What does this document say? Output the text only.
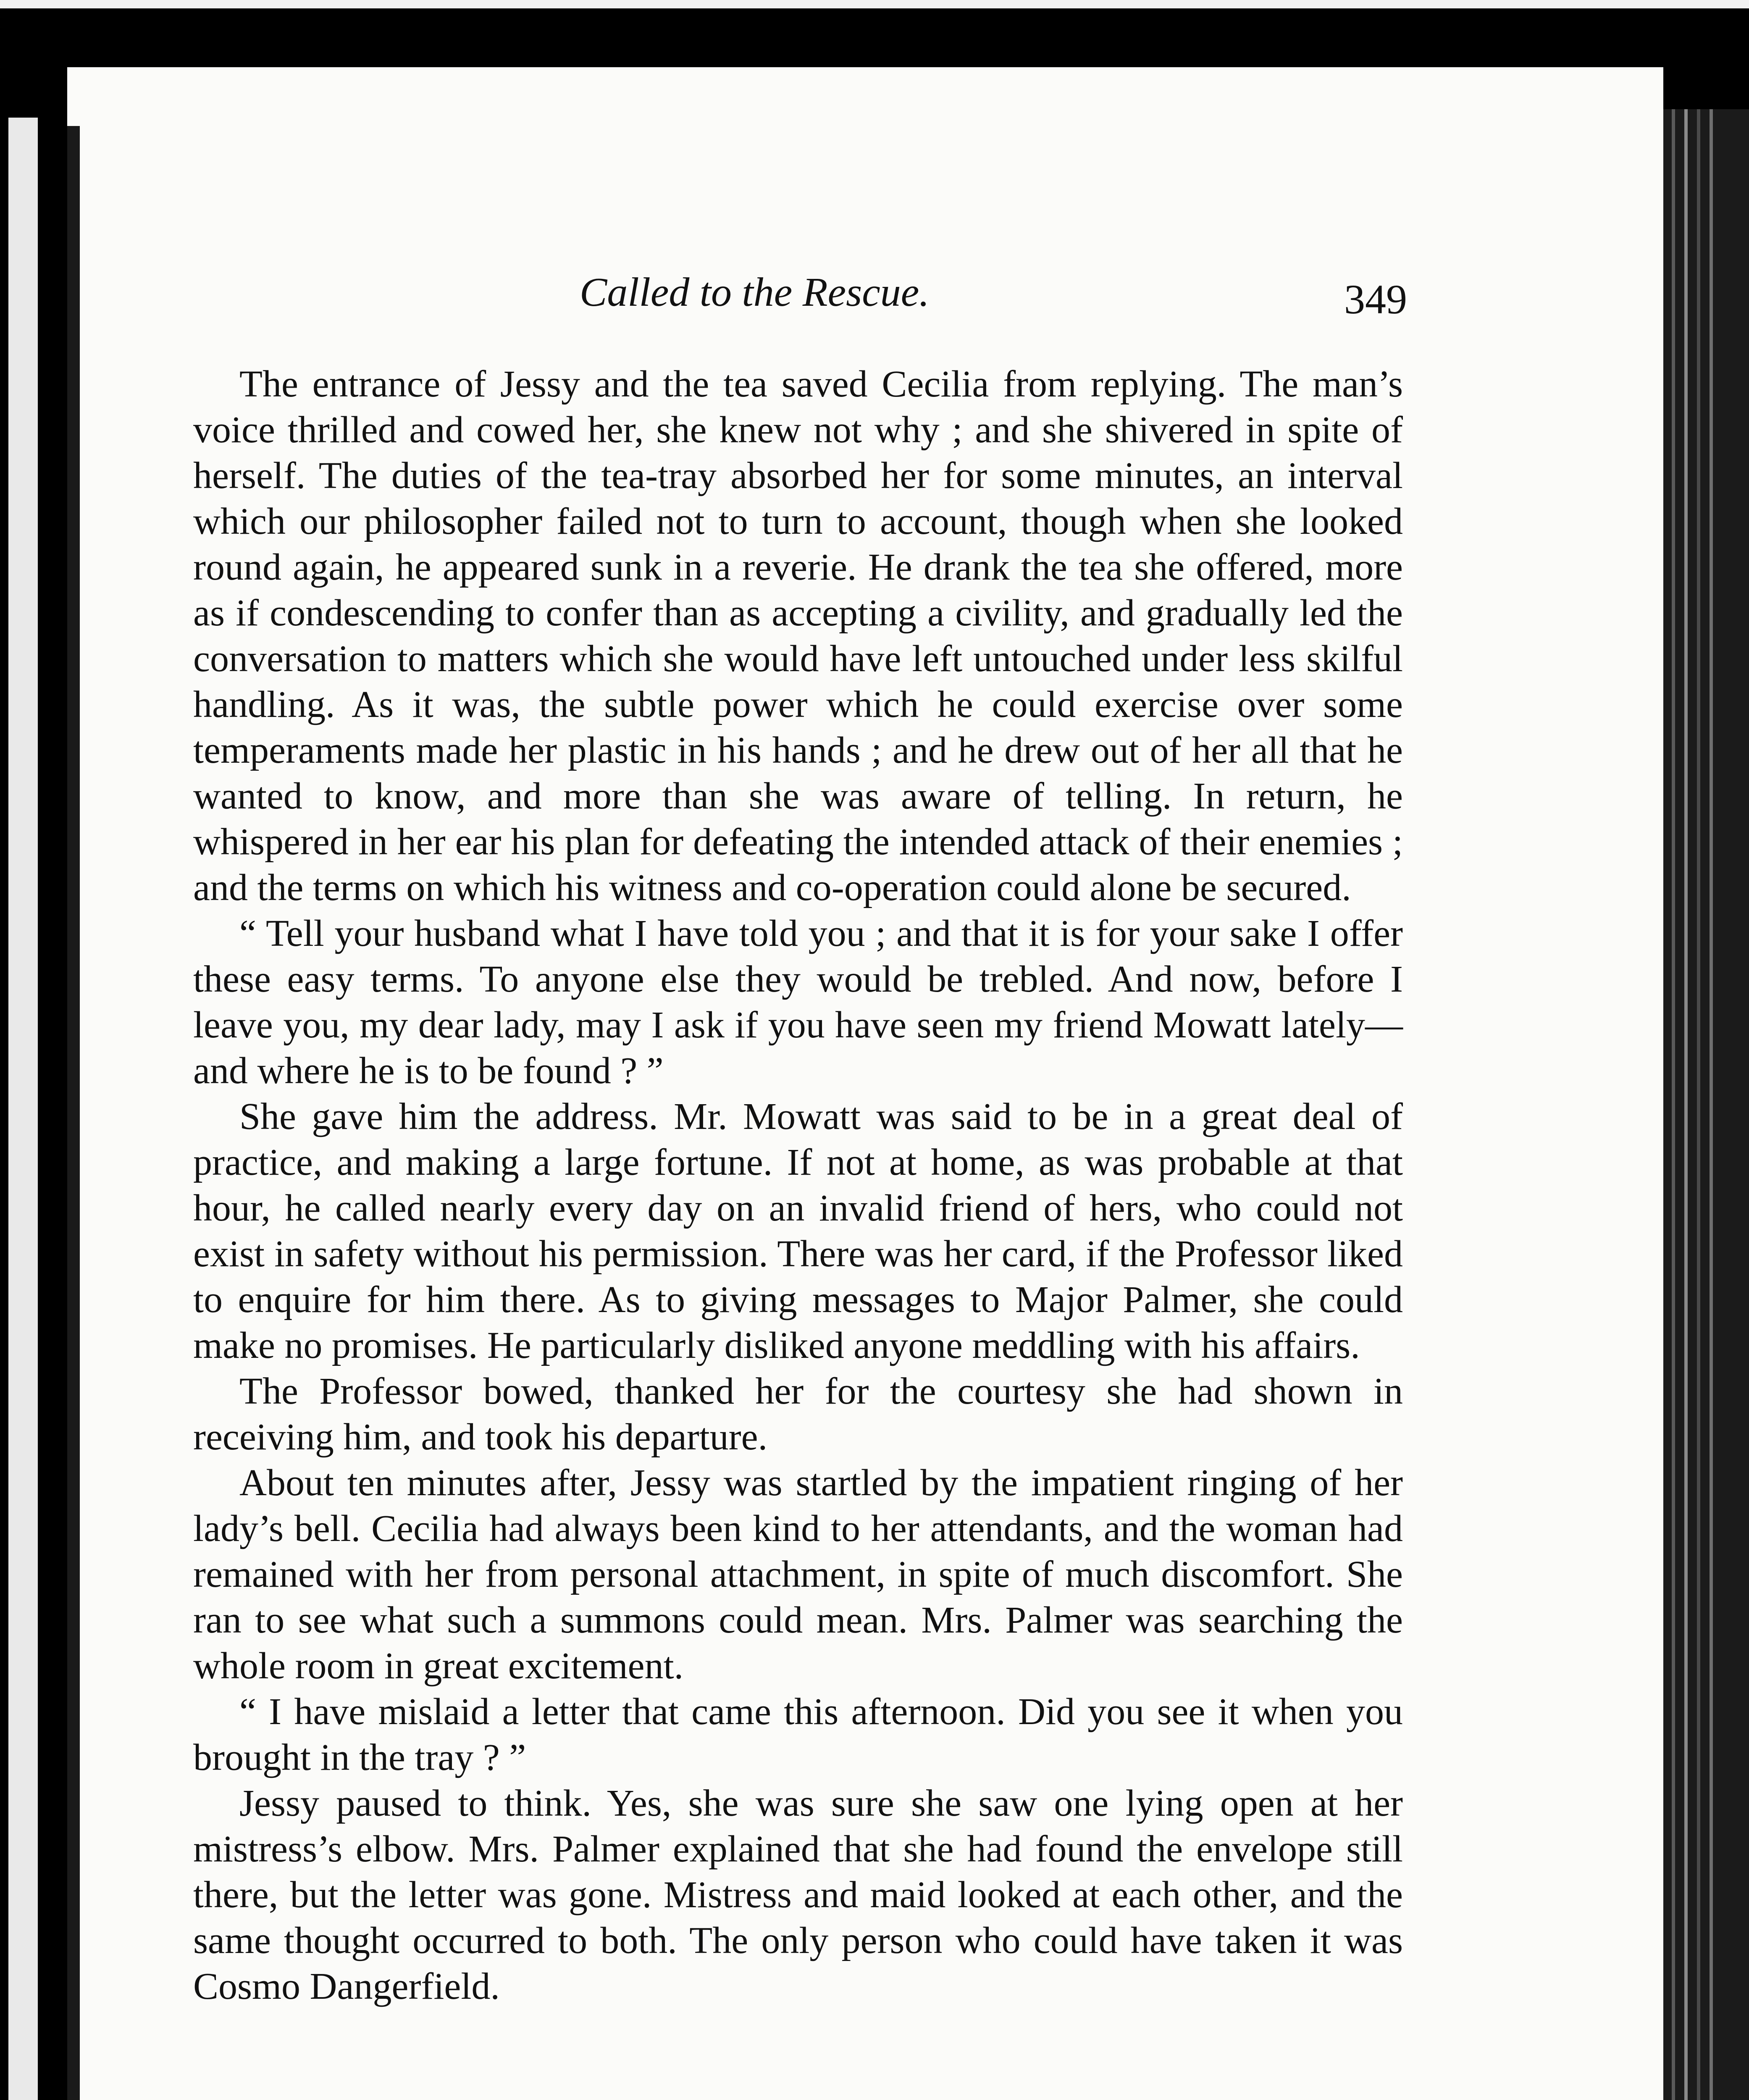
Called to the Rescue.	349

The entrance of Jessy and the tea saved Cecilia from replying. The man’s voice thrilled and cowed her, she knew not why ; and she shivered in spite of herself. The duties of the tea-tray absorbed her for some minutes, an interval which our philosopher failed not to turn to account, though when she looked round again, he appeared sunk in a reverie. He drank the tea she offered, more as if condescending to confer than as accepting a civility, and gradually led the conversation to matters which she would have left untouched under less skilful handling. As it was, the subtle power which he could exercise over some temperaments made her plastic in his hands ; and he drew out of her all that he wanted to know, and more than she was aware of telling. In return, he whispered in her ear his plan for defeating the intended attack of their enemies ; and the terms on which his witness and co-operation could alone be secured.

“ Tell your husband what I have told you ; and that it is for your sake I offer these easy terms. To anyone else they would be trebled. And now, before I leave you, my dear lady, may I ask if you have seen my friend Mowatt lately—and where he is to be found ? ”

She gave him the address. Mr. Mowatt was said to be in a great deal of practice, and making a large fortune. If not at home, as was probable at that hour, he called nearly every day on an invalid friend of hers, who could not exist in safety without his permission. There was her card, if the Professor liked to enquire for him there. As to giving messages to Major Palmer, she could make no promises. He particularly disliked anyone meddling with his affairs.

The Professor bowed, thanked her for the courtesy she had shown in receiving him, and took his departure.

About ten minutes after, Jessy was startled by the impatient ringing of her lady’s bell. Cecilia had always been kind to her attendants, and the woman had remained with her from personal attachment, in spite of much discomfort. She ran to see what such a summons could mean. Mrs. Palmer was searching the whole room in great excitement.

“ I have mislaid a letter that came this afternoon. Did you see it when you brought in the tray ? ”

Jessy paused to think. Yes, she was sure she saw one lying open at her mistress’s elbow. Mrs. Palmer explained that she had found the envelope still there, but the letter was gone. Mistress and maid looked at each other, and the same thought occurred to both. The only person who could have taken it was Cosmo Dangerfield.
